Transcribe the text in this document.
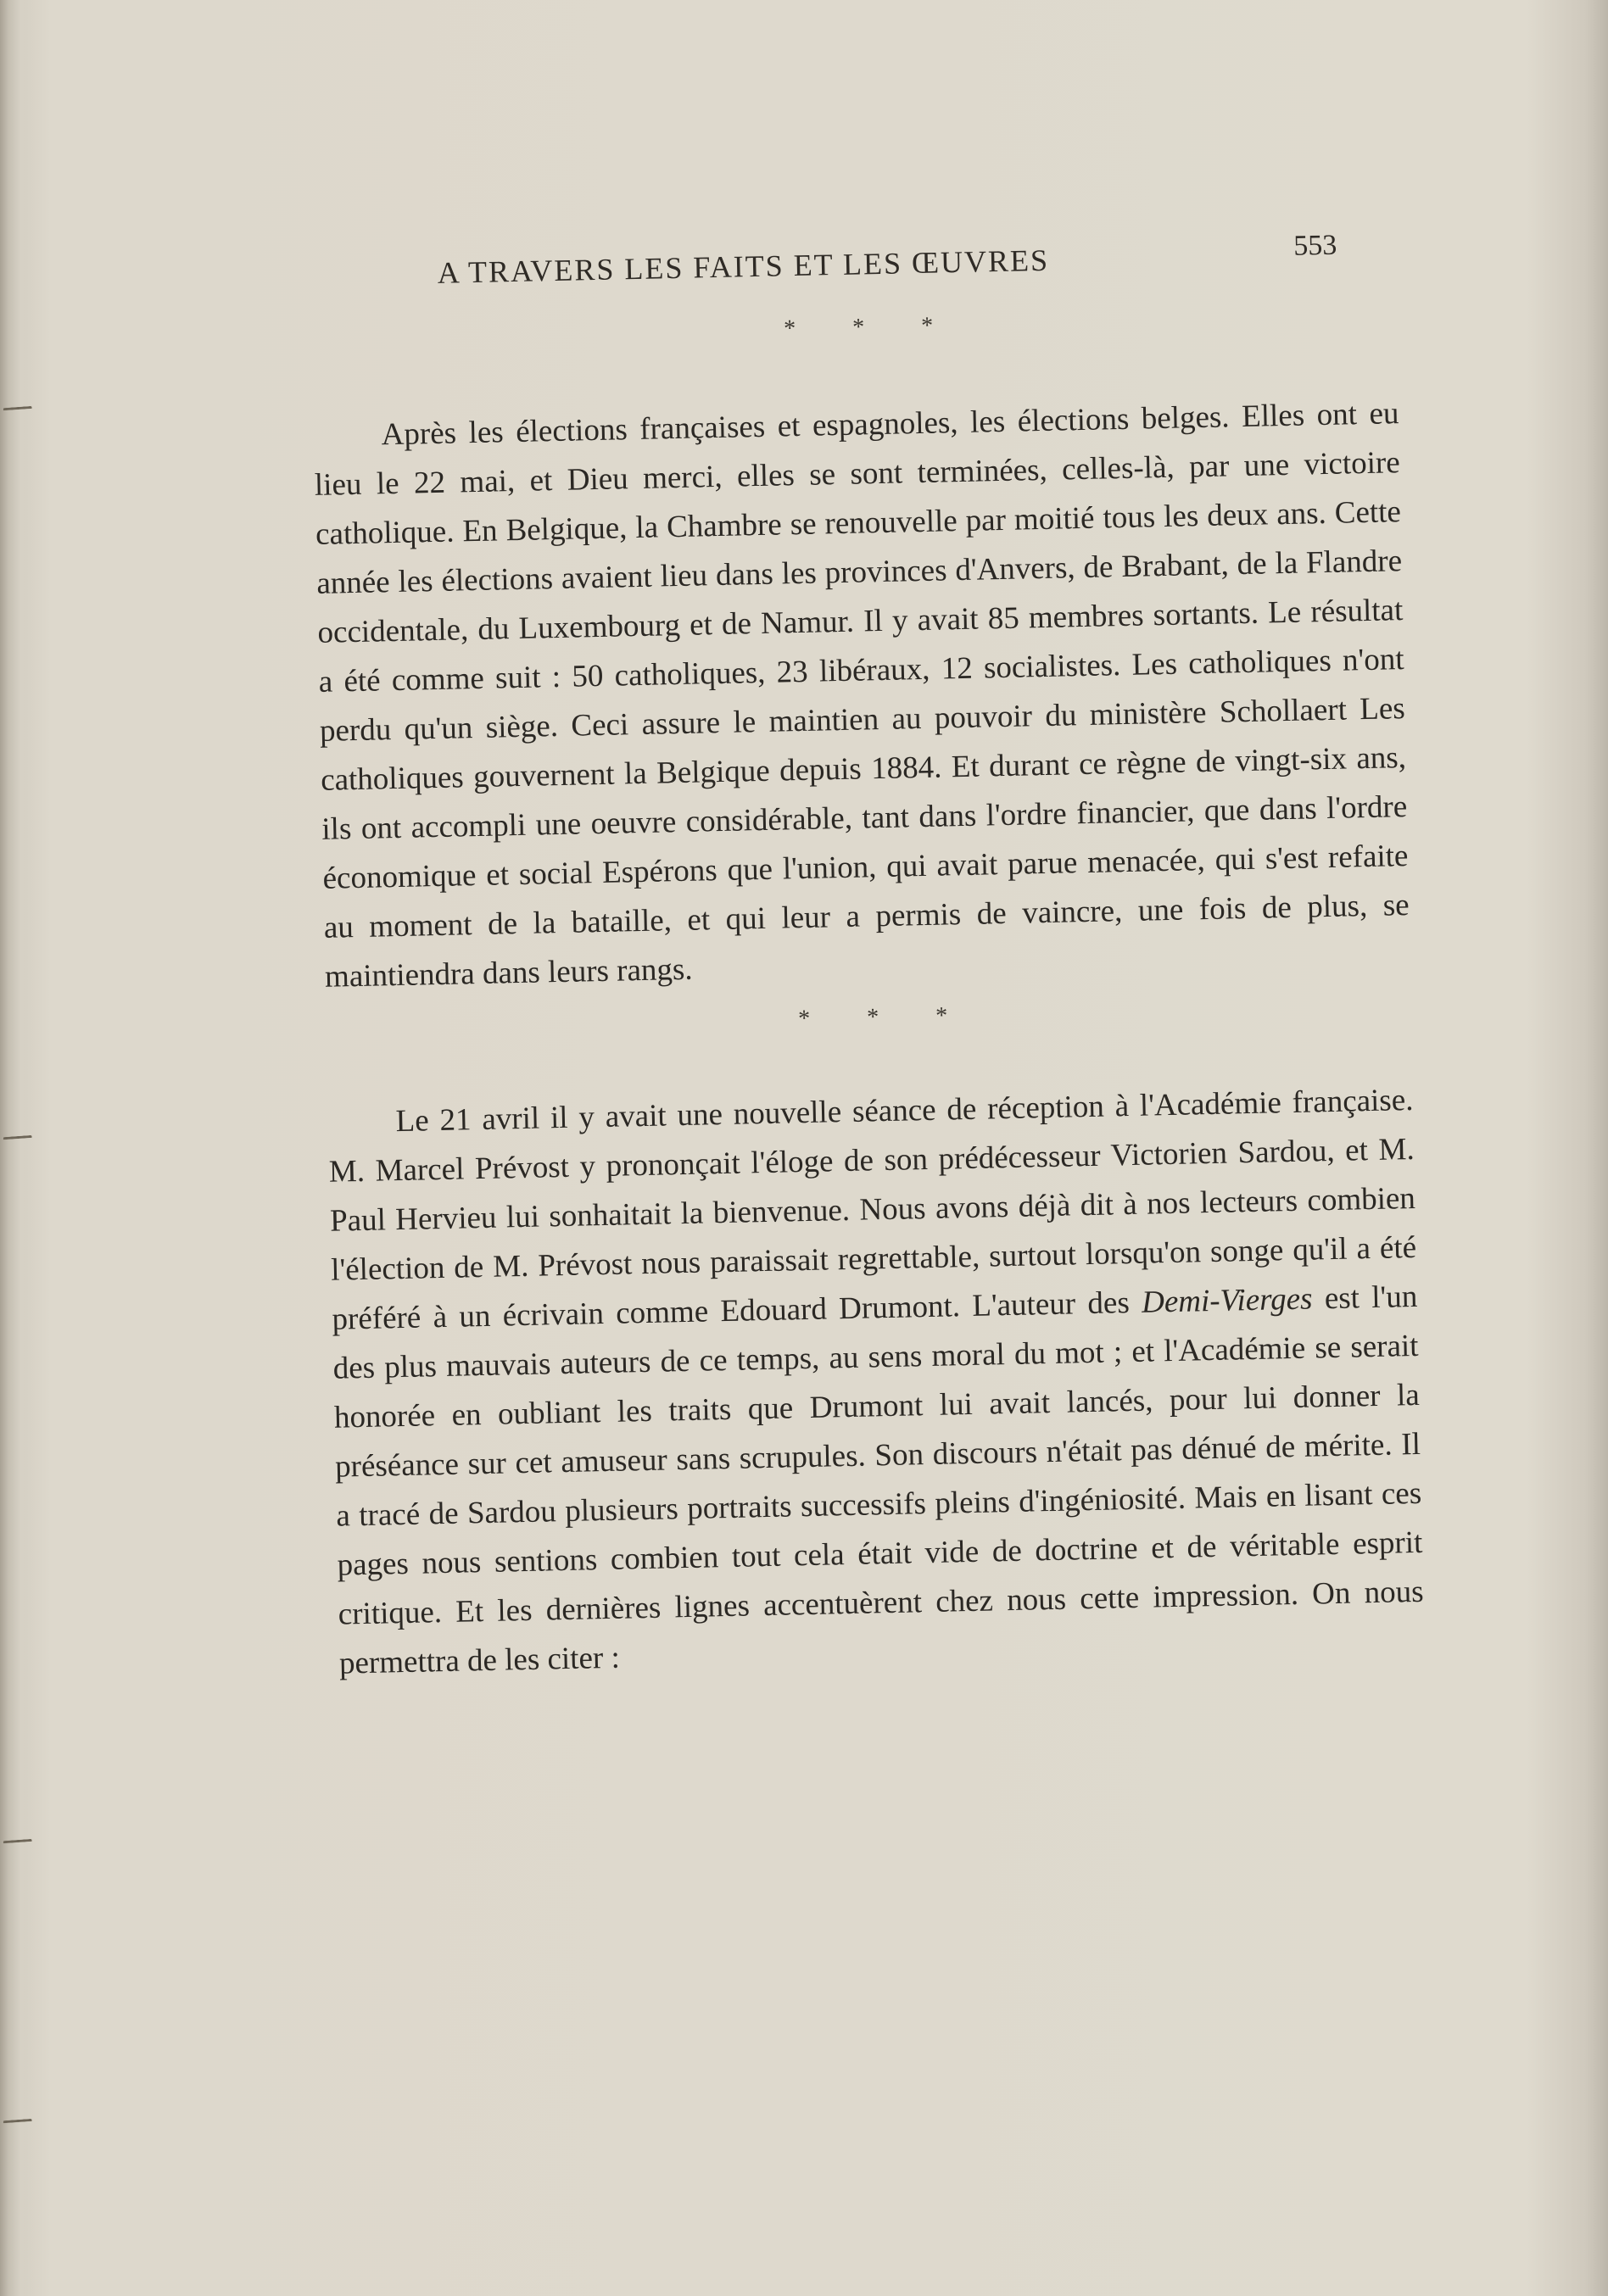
A TRAVERS LES FAITS ET LES ŒUVRES	553
* * *

Après les élections françaises et espagnoles, les élections belges. Elles ont eu lieu le 22 mai, et Dieu merci, elles se sont terminées, celles-là, par une victoire catholique. En Belgique, la Chambre se renouvelle par moitié tous les deux ans. Cette année les élections avaient lieu dans les provinces d'Anvers, de Brabant, de la Flandre occidentale, du Luxembourg et de Namur. Il y avait 85 membres sortants. Le résultat a été comme suit : 50 catholiques, 23 libéraux, 12 socialistes. Les catholiques n'ont perdu qu'un siège. Ceci assure le maintien au pouvoir du ministère Schollaert Les catholiques gouvernent la Belgique depuis 1884. Et durant ce règne de vingt-six ans, ils ont accompli une oeuvre considérable, tant dans l'ordre financier, que dans l'ordre économique et social Espérons que l'union, qui avait parue menacée, qui s'est refaite au moment de la bataille, et qui leur a permis de vaincre, une fois de plus, se maintiendra dans leurs rangs.

* * *

Le 21 avril il y avait une nouvelle séance de réception à l'Académie française. M. Marcel Prévost y prononçait l'éloge de son prédécesseur Victorien Sardou, et M. Paul Hervieu lui sonhaitait la bienvenue. Nous avons déjà dit à nos lecteurs combien l'élection de M. Prévost nous paraissait regrettable, surtout lorsqu'on songe qu'il a été préféré à un écrivain comme Edouard Drumont. L'auteur des Demi-Vierges est l'un des plus mauvais auteurs de ce temps, au sens moral du mot ; et l'Académie se serait honorée en oubliant les traits que Drumont lui avait lancés, pour lui donner la préséance sur cet amuseur sans scrupules. Son discours n'était pas dénué de mérite. Il a tracé de Sardou plusieurs portraits successifs pleins d'ingéniosité. Mais en lisant ces pages nous sentions combien tout cela était vide de doctrine et de véritable esprit critique. Et les dernières lignes accentuèrent chez nous cette impression. On nous permettra de les citer :
